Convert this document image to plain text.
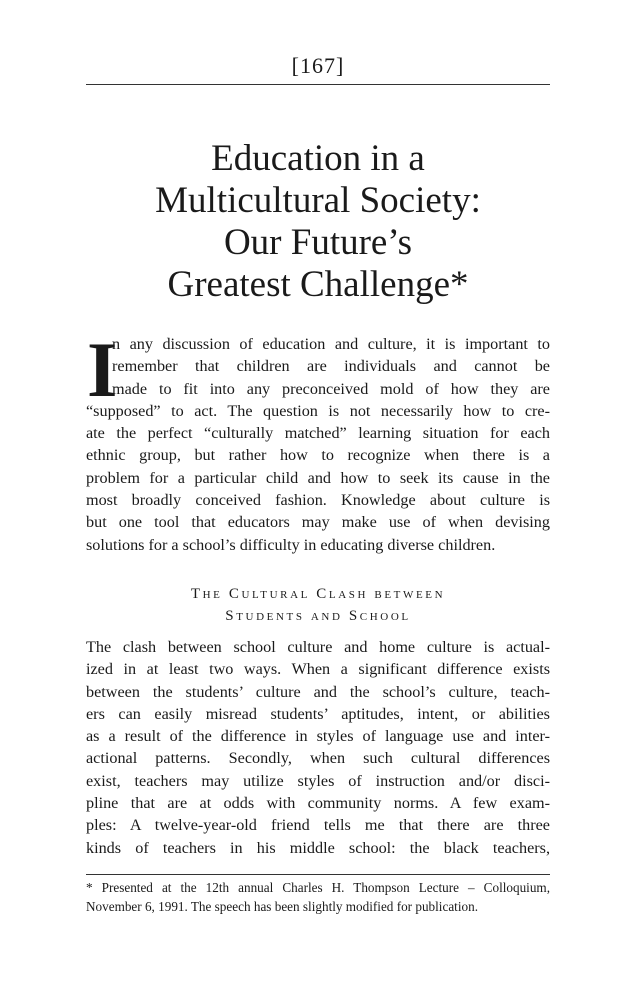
[167]
Education in a
Multicultural Society:
Our Future’s
Greatest Challenge*
I
n any discussion of education and culture, it is important to
remember that children are individuals and cannot be
made to fit into any preconceived mold of how they are
“supposed” to act. The question is not necessarily how to cre-
ate the perfect “culturally matched” learning situation for each
ethnic group, but rather how to recognize when there is a
problem for a particular child and how to seek its cause in the
most broadly conceived fashion. Knowledge about culture is
but one tool that educators may make use of when devising
solutions for a school’s difficulty in educating diverse children.
The Cultural Clash between
Students and School
The clash between school culture and home culture is actual-
ized in at least two ways. When a significant difference exists
between the students’ culture and the school’s culture, teach-
ers can easily misread students’ aptitudes, intent, or abilities
as a result of the difference in styles of language use and inter-
actional patterns. Secondly, when such cultural differences
exist, teachers may utilize styles of instruction and/or disci-
pline that are at odds with community norms. A few exam-
ples: A twelve-year-old friend tells me that there are three
kinds of teachers in his middle school: the black teachers,
* Presented at the 12th annual Charles H. Thompson Lecture – Colloquium,
November 6, 1991. The speech has been slightly modified for publication.
